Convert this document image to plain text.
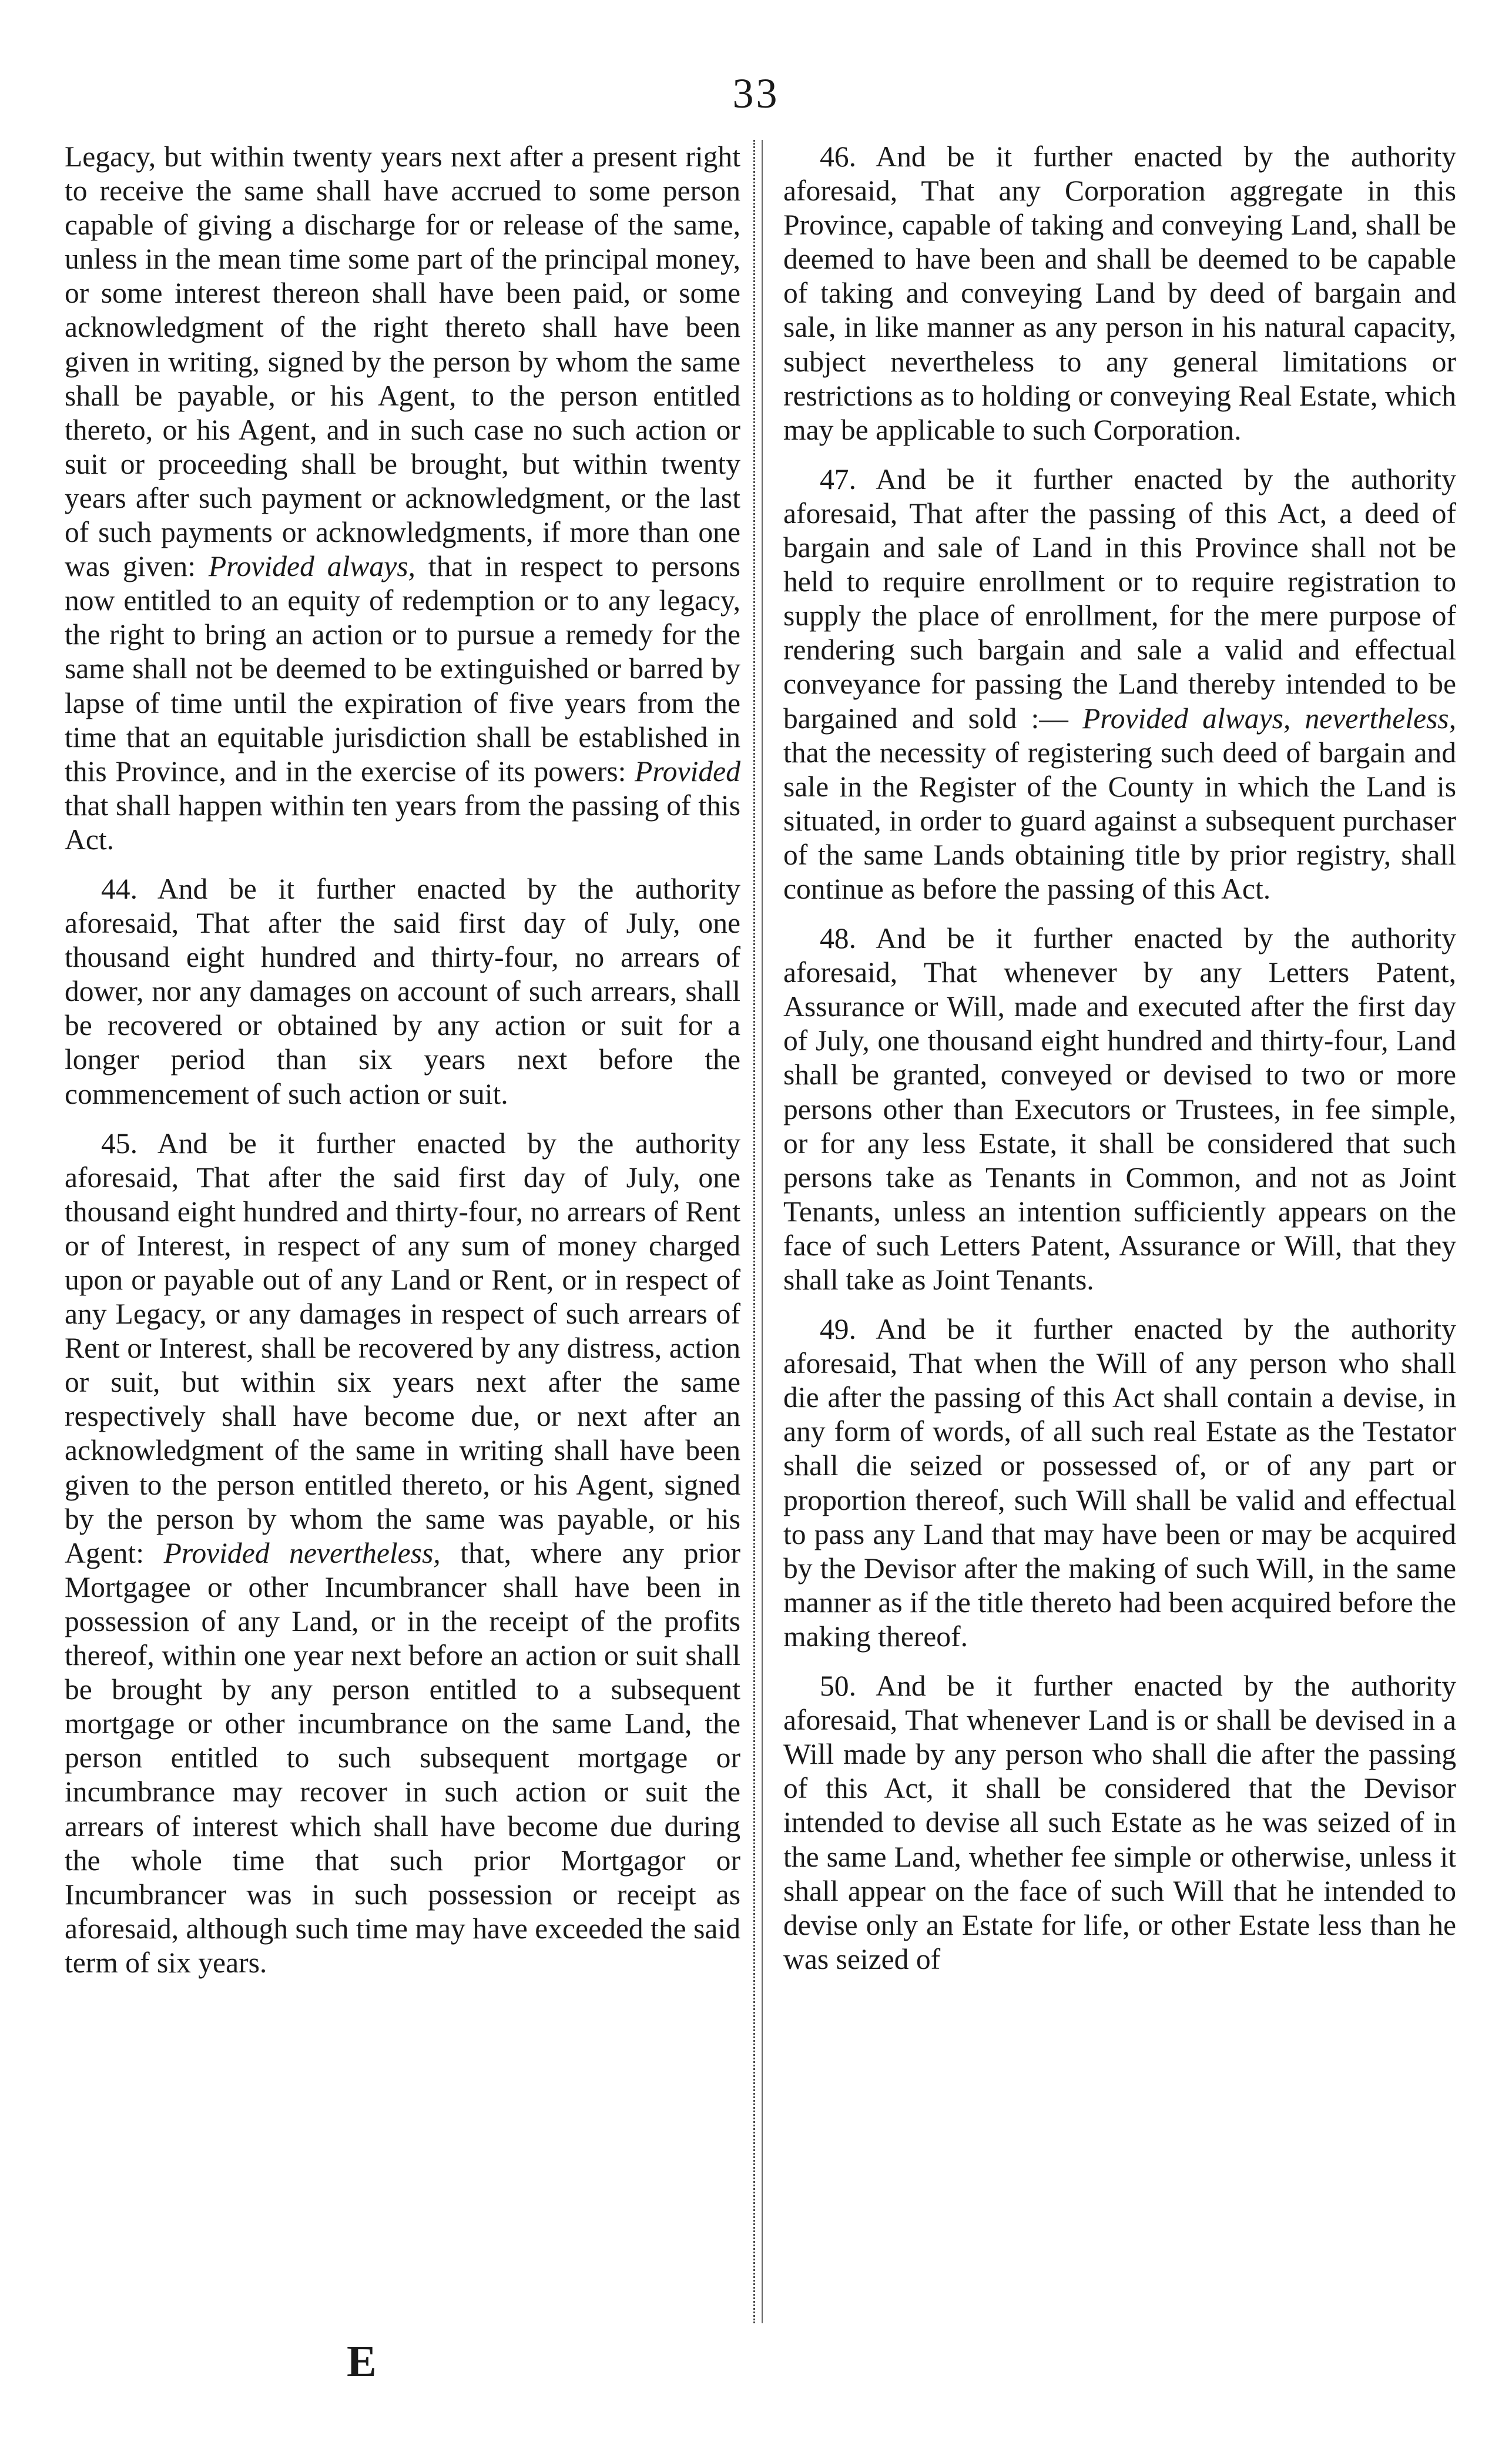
33

Legacy, but within twenty years next after a present right to receive the same shall have accrued to some person capable of giving a discharge for or release of the same, unless in the mean time some part of the principal money, or some interest thereon shall have been paid, or some acknowledgment of the right thereto shall have been given in writing, signed by the person by whom the same shall be payable, or his Agent, to the person entitled thereto, or his Agent, and in such case no such action or suit or proceeding shall be brought, but within twenty years after such payment or acknowledgment, or the last of such payments or acknowledgments, if more than one was given: Provided always, that in respect to persons now entitled to an equity of redemption or to any legacy, the right to bring an action or to pursue a remedy for the same shall not be deemed to be extinguished or barred by lapse of time until the expiration of five years from the time that an equitable jurisdiction shall be established in this Province, and in the exercise of its powers: Provided that shall happen within ten years from the passing of this Act.

44. And be it further enacted by the authority aforesaid, That after the said first day of July, one thousand eight hundred and thirty-four, no arrears of dower, nor any damages on account of such arrears, shall be recovered or obtained by any action or suit for a longer period than six years next before the commencement of such action or suit.

45. And be it further enacted by the authority aforesaid, That after the said first day of July, one thousand eight hundred and thirty-four, no arrears of Rent or of Interest, in respect of any sum of money charged upon or payable out of any Land or Rent, or in respect of any Legacy, or any damages in respect of such arrears of Rent or Interest, shall be recovered by any distress, action or suit, but within six years next after the same respectively shall have become due, or next after an acknowledgment of the same in writing shall have been given to the person entitled thereto, or his Agent, signed by the person by whom the same was payable, or his Agent: Provided nevertheless, that, where any prior Mortgagee or other Incumbrancer shall have been in possession of any Land, or in the receipt of the profits thereof, within one year next before an action or suit shall be brought by any person entitled to a subsequent mortgage or other incumbrance on the same Land, the person entitled to such subsequent mortgage or incumbrance may recover in such action or suit the arrears of interest which shall have become due during the whole time that such prior Mortgagor or Incumbrancer was in such possession or receipt as aforesaid, although such time may have exceeded the said term of six years.

46. And be it further enacted by the authority aforesaid, That any Corporation aggregate in this Province, capable of taking and conveying Land, shall be deemed to have been and shall be deemed to be capable of taking and conveying Land by deed of bargain and sale, in like manner as any person in his natural capacity, subject nevertheless to any general limitations or restrictions as to holding or conveying Real Estate, which may be applicable to such Corporation.

47. And be it further enacted by the authority aforesaid, That after the passing of this Act, a deed of bargain and sale of Land in this Province shall not be held to require enrollment or to require registration to supply the place of enrollment, for the mere purpose of rendering such bargain and sale a valid and effectual conveyance for passing the Land thereby intended to be bargained and sold :— Provided always, nevertheless, that the necessity of registering such deed of bargain and sale in the Register of the County in which the Land is situated, in order to guard against a subsequent purchaser of the same Lands obtaining title by prior registry, shall continue as before the passing of this Act.

48. And be it further enacted by the authority aforesaid, That whenever by any Letters Patent, Assurance or Will, made and executed after the first day of July, one thousand eight hundred and thirty-four, Land shall be granted, conveyed or devised to two or more persons other than Executors or Trustees, in fee simple, or for any less Estate, it shall be considered that such persons take as Tenants in Common, and not as Joint Tenants, unless an intention sufficiently appears on the face of such Letters Patent, Assurance or Will, that they shall take as Joint Tenants.

49. And be it further enacted by the authority aforesaid, That when the Will of any person who shall die after the passing of this Act shall contain a devise, in any form of words, of all such real Estate as the Testator shall die seized or possessed of, or of any part or proportion thereof, such Will shall be valid and effectual to pass any Land that may have been or may be acquired by the Devisor after the making of such Will, in the same manner as if the title thereto had been acquired before the making thereof.

50. And be it further enacted by the authority aforesaid, That whenever Land is or shall be devised in a Will made by any person who shall die after the passing of this Act, it shall be considered that the Devisor intended to devise all such Estate as he was seized of in the same Land, whether fee simple or otherwise, unless it shall appear on the face of such Will that he intended to devise only an Estate for life, or other Estate less than he was seized of

E
